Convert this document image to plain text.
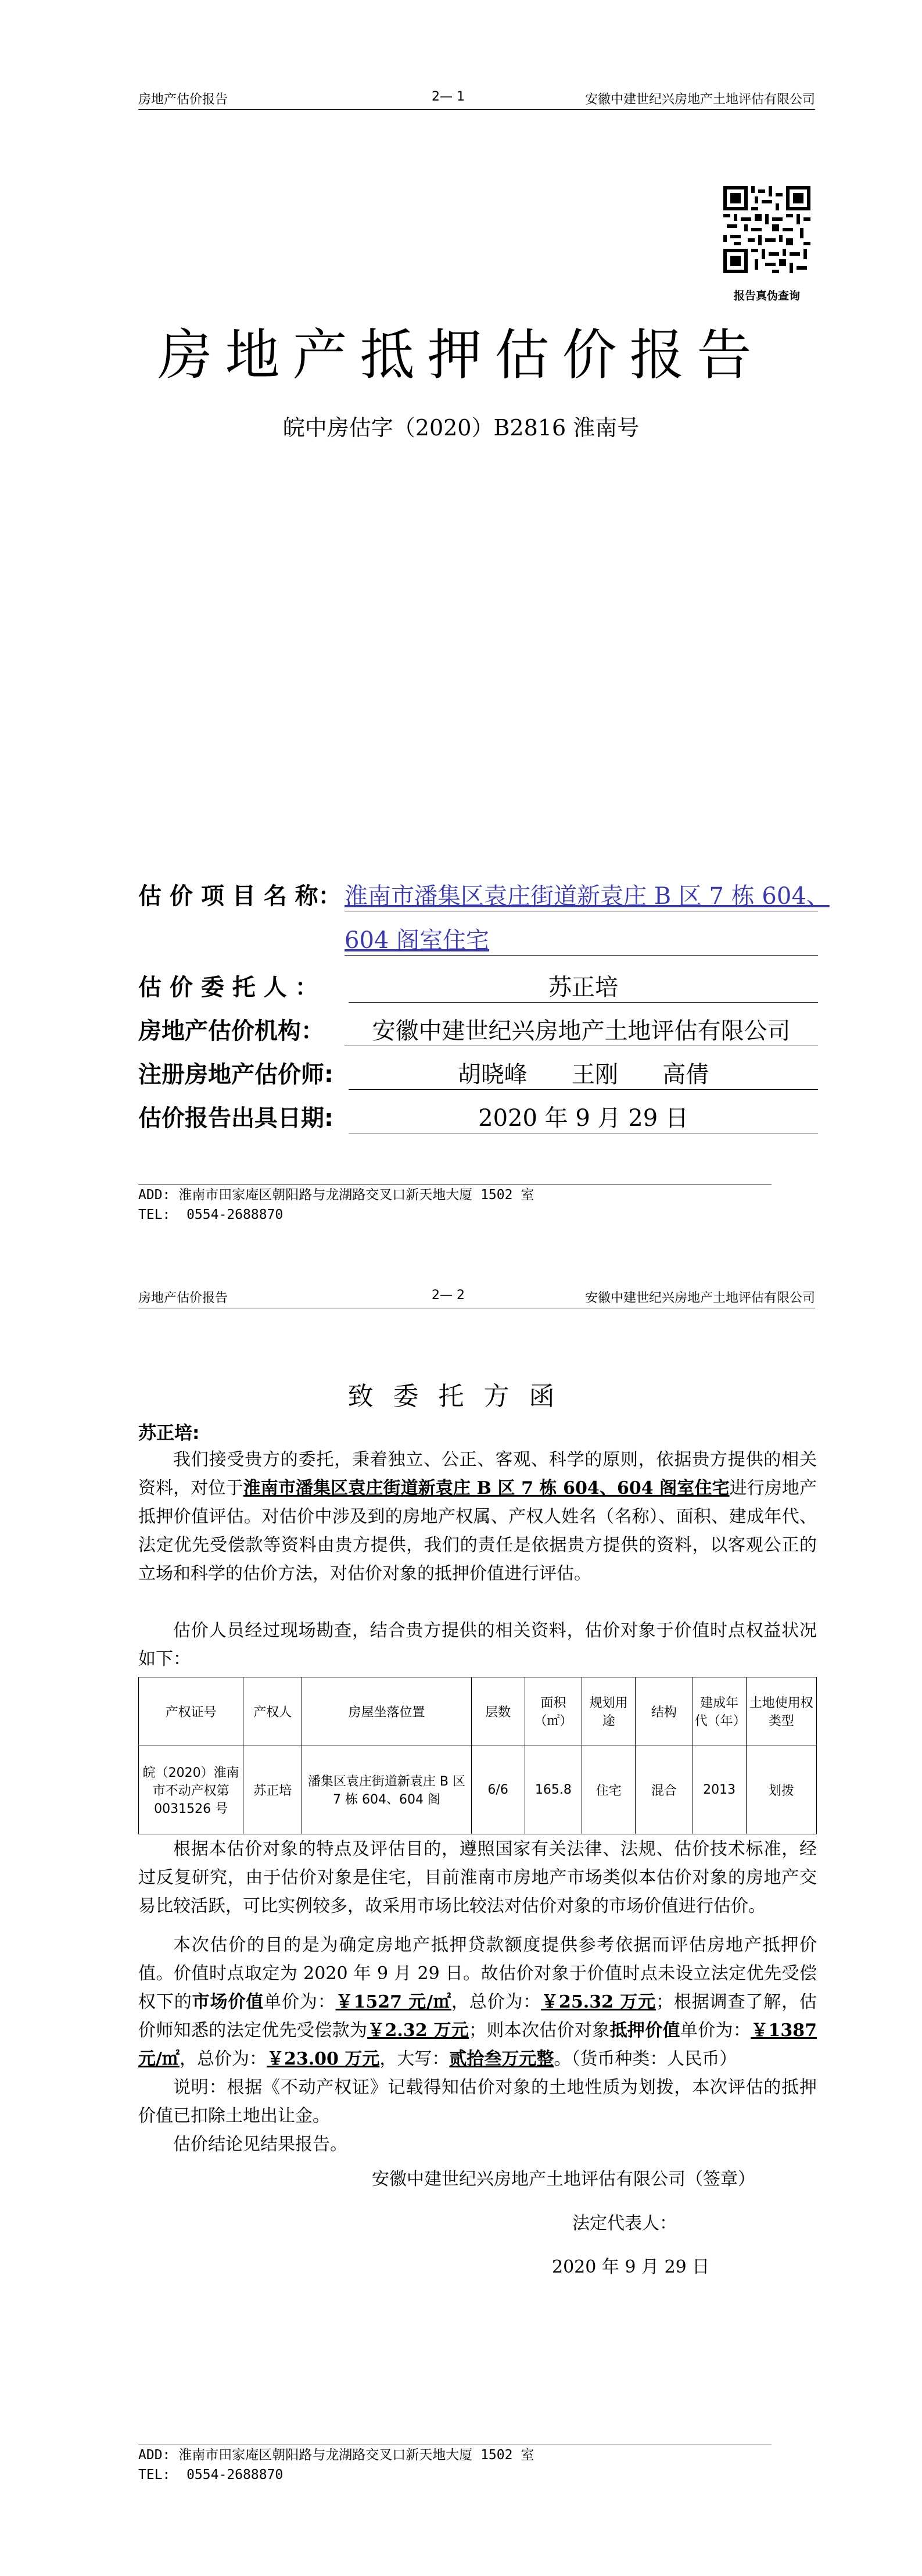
房地产估价报告	2— 1	安徽中建世纪兴房地产土地评估有限公司
报告真伪查询
房地产抵押估价报告
皖中房估字（2020）B2816 淮南号
估 价 项 目 名 称： 淮南市潘集区袁庄街道新袁庄 B 区 7 栋 604、
604 阁室住宅
估 价 委 托 人 ：	苏正培
房地产估价机构：	安徽中建世纪兴房地产土地评估有限公司
注册房地产估价师:	胡晓峰      王刚      高倩
估价报告出具日期:	2020 年 9 月 29 日
ADD: 淮南市田家庵区朝阳路与龙湖路交叉口新天地大厦 1502 室
TEL:  0554-2688870
房地产估价报告	2— 2	安徽中建世纪兴房地产土地评估有限公司
致委托方函
苏正培:
我们接受贵方的委托，秉着独立、公正、客观、科学的原则，依据贵方提供的相关资料，对位于淮南市潘集区袁庄街道新袁庄 B 区 7 栋 604、604 阁室住宅进行房地产抵押价值评估。对估价中涉及到的房地产权属、产权人姓名（名称）、面积、建成年代、法定优先受偿款等资料由贵方提供，我们的责任是依据贵方提供的资料，以客观公正的立场和科学的估价方法，对估价对象的抵押价值进行评估。
估价人员经过现场勘查，结合贵方提供的相关资料，估价对象于价值时点权益状况如下：
产权证号	产权人	房屋坐落位置	层数	面积（㎡）	规划用途	结构	建成年代（年）	土地使用权类型
皖（2020）淮南市不动产权第 0031526 号	苏正培	潘集区袁庄街道新袁庄 B 区 7 栋 604、604 阁	6/6	165.8	住宅	混合	2013	划拨
根据本估价对象的特点及评估目的，遵照国家有关法律、法规、估价技术标准，经过反复研究，由于估价对象是住宅，目前淮南市房地产市场类似本估价对象的房地产交易比较活跃，可比实例较多，故采用市场比较法对估价对象的市场价值进行估价。
本次估价的目的是为确定房地产抵押贷款额度提供参考依据而评估房地产抵押价值。价值时点取定为 2020 年 9 月 29 日。故估价对象于价值时点未设立法定优先受偿权下的市场价值单价为：￥1527 元/㎡，总价为：￥25.32 万元；根据调查了解，估价师知悉的法定优先受偿款为￥2.32 万元；则本次估价对象抵押价值单价为：￥1387 元/㎡，总价为：￥23.00 万元，大写：贰拾叁万元整。（货币种类：人民币）
说明：根据《不动产权证》记载得知估价对象的土地性质为划拨，本次评估的抵押价值已扣除土地出让金。
估价结论见结果报告。
安徽中建世纪兴房地产土地评估有限公司（签章）
法定代表人：
2020 年 9 月 29 日
ADD: 淮南市田家庵区朝阳路与龙湖路交叉口新天地大厦 1502 室
TEL:  0554-2688870
